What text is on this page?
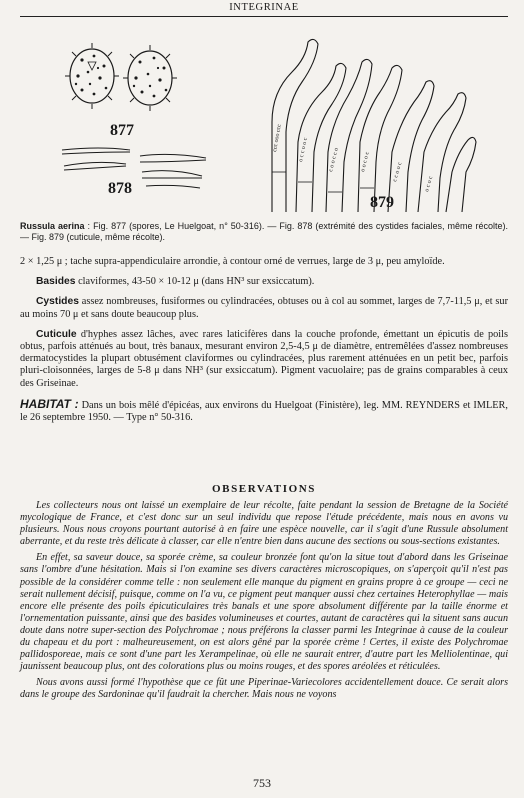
INTEGRINAE
877
878
ccc ooo ccc	o c c o o c	c o o c c o	o o c o c	c c o o c
o c o c
879
Russula aerina : Fig. 877 (spores, Le Huelgoat, n° 50-316). — Fig. 878 (extrémité des cystides faciales, même récolte). — Fig. 879 (cuticule, même récolte).

2 × 1,25 μ ; tache supra-appendiculaire arrondie, à contour orné de verrues, large de 3 μ, peu amyloïde.

Basides claviformes, 43-50 × 10-12 μ (dans HN³ sur exsiccatum).

Cystides assez nombreuses, fusiformes ou cylindracées, obtuses ou à col au sommet, larges de 7,7-11,5 μ, et sur au moins 70 μ et sans doute beaucoup plus.

Cuticule d'hyphes assez lâches, avec rares laticifères dans la couche profonde, émettant un épicutis de poils obtus, parfois atténués au bout, très banaux, mesurant environ 2,5-4,5 μ de diamètre, entremêlées d'assez nombreuses dermatocystides la plupart obtusément claviformes ou cylindracées, plus rarement atténuées en un petit bec, parfois pluri-cloisonnées, larges de 5-8 μ dans NH³ (sur exsiccatum). Pigment vacuolaire; pas de grains comparables à ceux des Griseinae.

HABITAT : Dans un bois mêlé d'épicéas, aux environs du Huelgoat (Finistère), leg. MM. REYNDERS et IMLER, le 26 septembre 1950. — Type n° 50-316.

OBSERVATIONS

Les collecteurs nous ont laissé un exemplaire de leur récolte, faite pendant la session de Bretagne de la Société mycologique de France, et c'est donc sur un seul individu que repose l'étude précédente, mais nous en avons vu plusieurs. Nous nous croyons pourtant autorisé à en faire une espèce nouvelle, car il s'agit d'une Russule absolument aberrante, et du reste très délicate à classer, car elle n'entre bien dans aucune des sections ou sous-sections existantes.

En effet, sa saveur douce, sa sporée crème, sa couleur bronzée font qu'on la situe tout d'abord dans les Griseinae sans l'ombre d'une hésitation. Mais si l'on examine ses divers caractères microscopiques, on s'aperçoit qu'il n'est pas possible de la considérer comme telle : non seulement elle manque du pigment en grains propre à ce groupe — ceci ne serait nullement décisif, puisque, comme on l'a vu, ce pigment peut manquer aussi chez certaines Heterophyllae — mais encore elle présente des poils épicuticulaires très banals et une spore absolument différente par la taille énorme et l'ornementation puissante, ainsi que des basides volumineuses et courtes, autant de caractères qui la situent sans aucun doute dans notre super-section des Polychromae ; nous préférons la classer parmi les Integrinae à cause de la couleur du chapeau et du port : malheureusement, on est alors gêné par la sporée crème ! Certes, il existe des Polychromae pallidosporeae, mais ce sont d'une part les Xerampelinae, où elle ne saurait entrer, d'autre part les Melliolentinae, qui jaunissent beaucoup plus, ont des colorations plus ou moins rouges, et des spores aréolées et réticulées.

Nous avons aussi formé l'hypothèse que ce fût une Piperinae-Variecolores accidentellement douce. Ce serait alors dans le groupe des Sardoninae qu'il faudrait la chercher. Mais nous ne voyons

753
